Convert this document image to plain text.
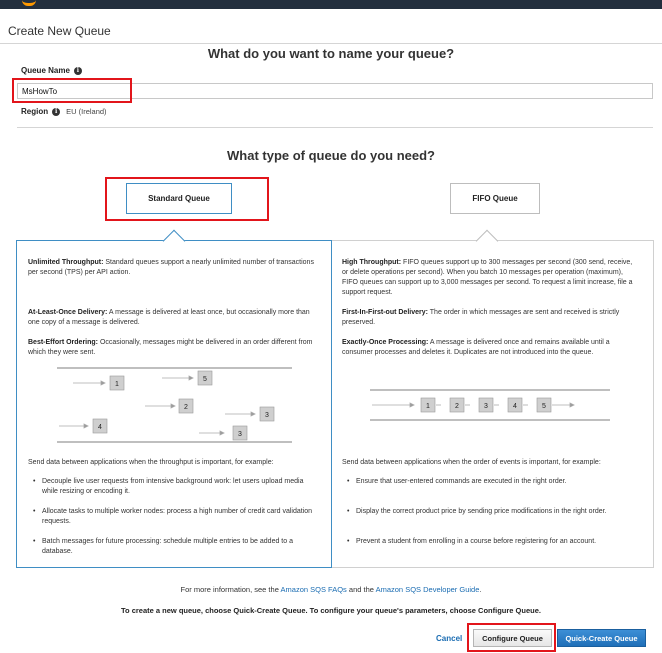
Create New Queue
What do you want to name your queue?
Queue Name	i
MsHowTo
Region	i	EU (Ireland)
What type of queue do you need?
Standard Queue	FIFO Queue
Unlimited Throughput: Standard queues support a nearly unlimited number of transactions per second (TPS) per API action.
At-Least-Once Delivery: A message is delivered at least once, but occasionally more than one copy of a message is delivered.
Best-Effort Ordering: Occasionally, messages might be delivered in an order different from which they were sent.
1
5
2
3
4
3
Send data between applications when the throughput is important, for example:
• Decouple live user requests from intensive background work: let users upload media while resizing or encoding it.
• Allocate tasks to multiple worker nodes: process a high number of credit card validation requests.
• Batch messages for future processing: schedule multiple entries to be added to a database.
High Throughput: FIFO queues support up to 300 messages per second (300 send, receive, or delete operations per second). When you batch 10 messages per operation (maximum), FIFO queues can support up to 3,000 messages per second. To request a limit increase, file a support request.
First-In-First-out Delivery: The order in which messages are sent and received is strictly preserved.
Exactly-Once Processing: A message is delivered once and remains available until a consumer processes and deletes it. Duplicates are not introduced into the queue.
1	2	3	4	5
Send data between applications when the order of events is important, for example:
• Ensure that user-entered commands are executed in the right order.
• Display the correct product price by sending price modifications in the right order.
• Prevent a student from enrolling in a course before registering for an account.
For more information, see the Amazon SQS FAQs and the Amazon SQS Developer Guide.
To create a new queue, choose Quick-Create Queue. To configure your queue's parameters, choose Configure Queue.
Cancel	Configure Queue	Quick-Create Queue
